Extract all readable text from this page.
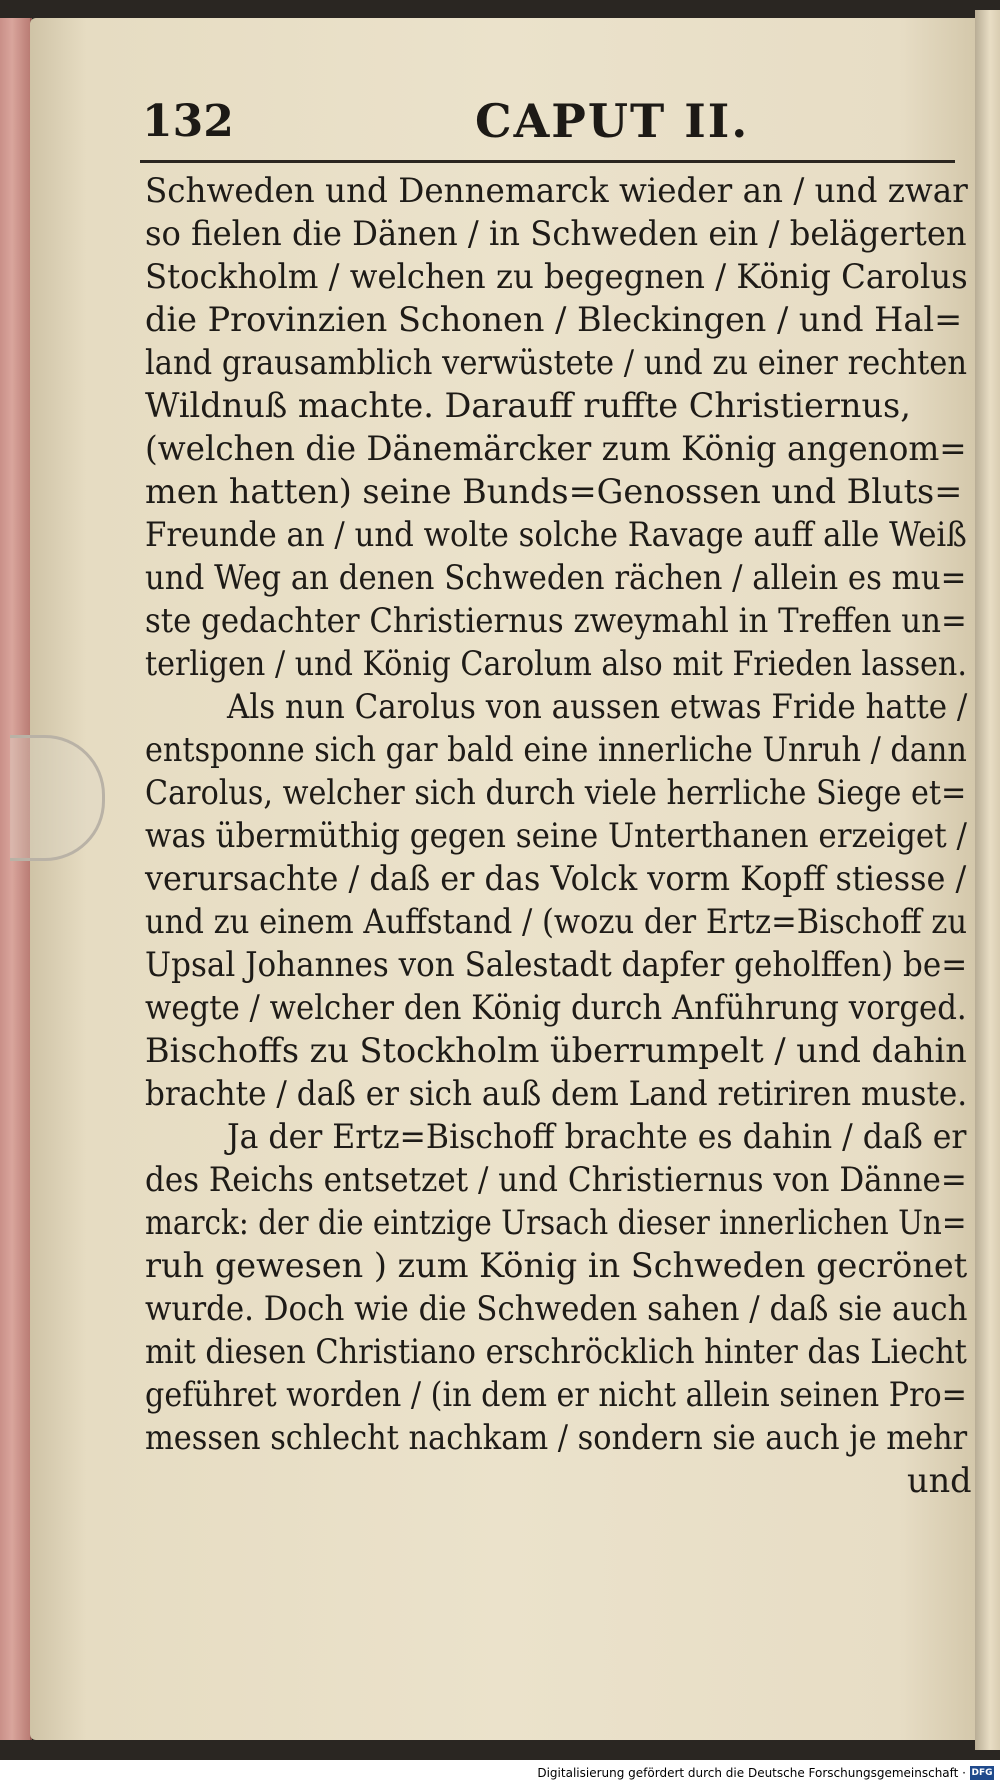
132	CAPUT II.
Schweden und Dennemarck wieder an / und zwar
so fielen die Dänen / in Schweden ein / belägerten
Stockholm / welchen zu begegnen / König Carolus
die Provinzien Schonen / Bleckingen / und Hal=
land grausamblich verwüstete / und zu einer rechten
Wildnuß machte. Darauff ruffte Christiernus,
(welchen die Dänemärcker zum König angenom=
men hatten) seine Bunds=Genossen und Bluts=
Freunde an / und wolte solche Ravage auff alle Weiß
und Weg an denen Schweden rächen / allein es mu=
ste gedachter Christiernus zweymahl in Treffen un=
terligen / und König Carolum also mit Frieden lassen.
Als nun Carolus von aussen etwas Fride hatte /
entsponne sich gar bald eine innerliche Unruh / dann
Carolus, welcher sich durch viele herrliche Siege et=
was übermüthig gegen seine Unterthanen erzeiget /
verursachte / daß er das Volck vorm Kopff stiesse /
und zu einem Auffstand / (wozu der Ertz=Bischoff zu
Upsal Johannes von Salestadt dapfer geholffen) be=
wegte / welcher den König durch Anführung vorged.
Bischoffs zu Stockholm überrumpelt / und dahin
brachte / daß er sich auß dem Land retiriren muste.
Ja der Ertz=Bischoff brachte es dahin / daß er
des Reichs entsetzet / und Christiernus von Dänne=
marck: der die eintzige Ursach dieser innerlichen Un=
ruh gewesen ) zum König in Schweden gecrönet
wurde. Doch wie die Schweden sahen / daß sie auch
mit diesen Christiano erschröcklich hinter das Liecht
geführet worden / (in dem er nicht allein seinen Pro=
messen schlecht nachkam / sondern sie auch je mehr
und
Digitalisierung gefördert durch die Deutsche Forschungsgemeinschaft · DFG
